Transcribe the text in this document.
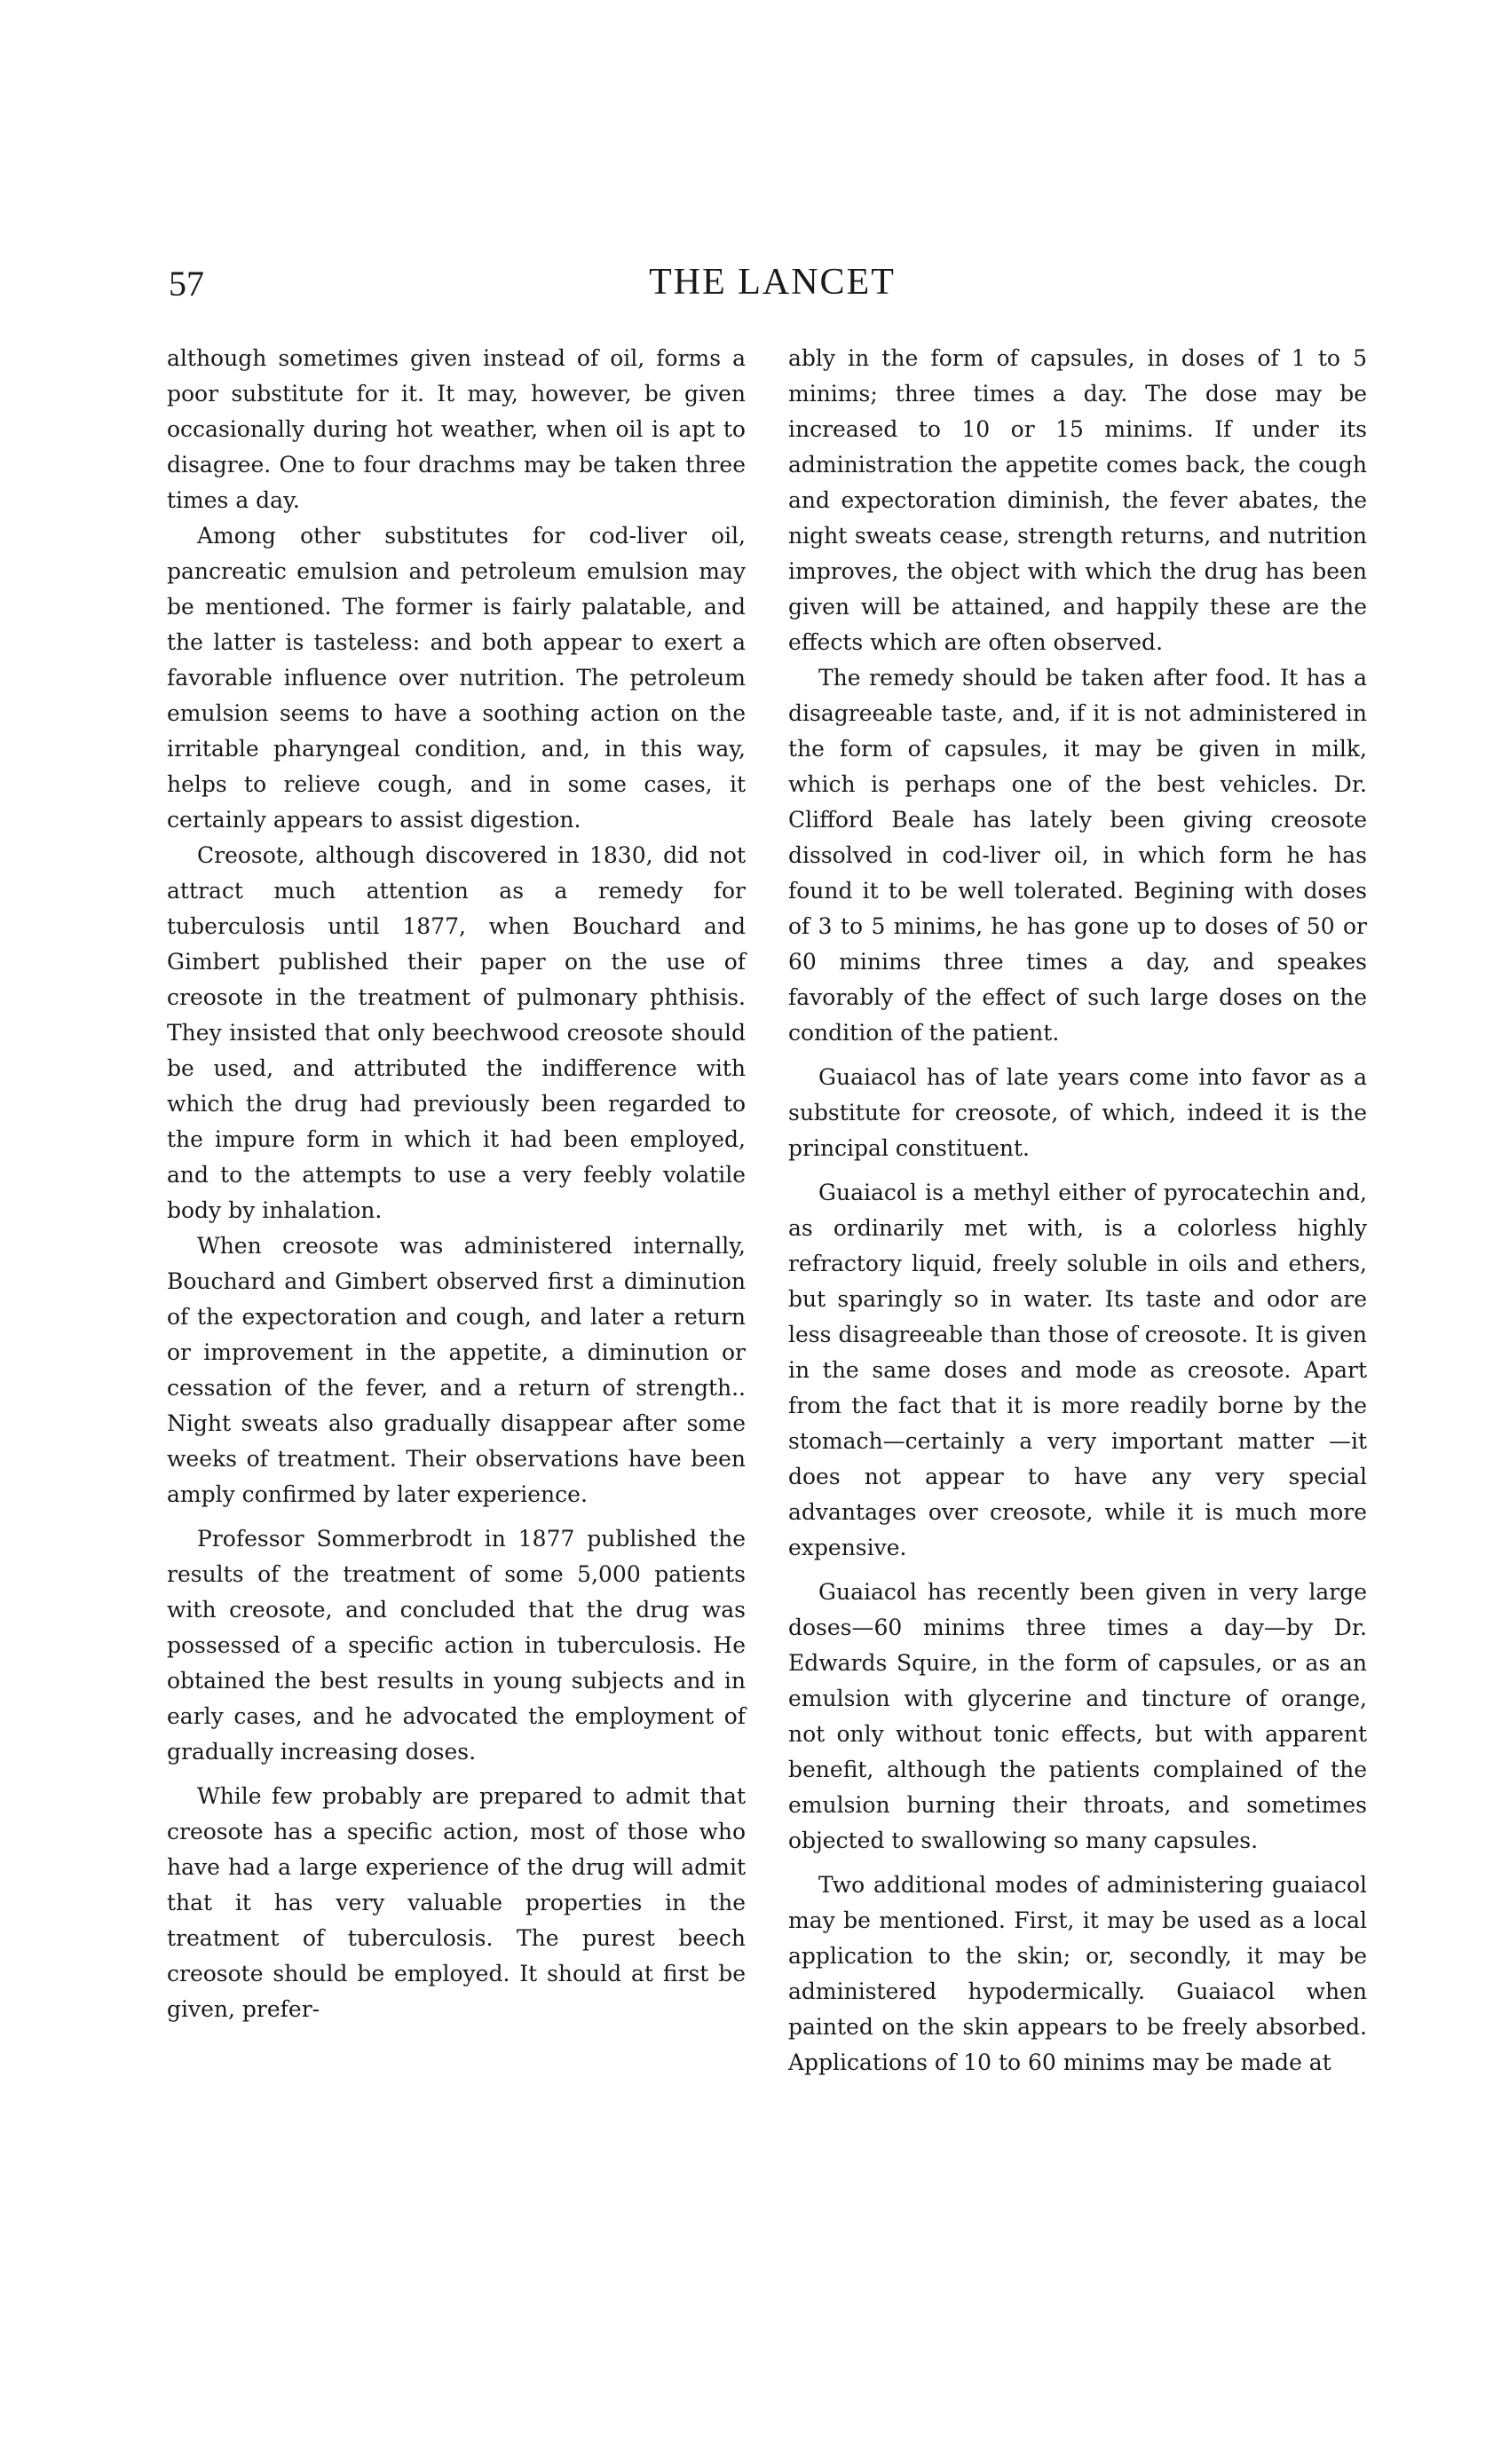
57	THE LANCET

although sometimes given instead of oil, forms a poor substitute for it. It may, however, be given occasionally during hot weather, when oil is apt to disagree. One to four drachms may be taken three times a day.

Among other substitutes for cod-liver oil, pancreatic emulsion and petroleum emulsion may be mentioned. The former is fairly palatable, and the latter is tasteless: and both appear to exert a favorable influence over nutrition. The petroleum emulsion seems to have a soothing action on the irritable pharyngeal condition, and, in this way, helps to relieve cough, and in some cases, it certainly appears to assist digestion.

Creosote, although discovered in 1830, did not attract much attention as a remedy for tuberculosis until 1877, when Bouchard and Gimbert published their paper on the use of creosote in the treatment of pulmonary phthisis. They insisted that only beechwood creosote should be used, and attributed the indifference with which the drug had previously been regarded to the impure form in which it had been employed, and to the attempts to use a very feebly volatile body by inhalation.

When creosote was administered internally, Bouchard and Gimbert observed first a diminution of the expectoration and cough, and later a return or improvement in the appetite, a diminution or cessation of the fever, and a return of strength.. Night sweats also gradually disappear after some weeks of treatment. Their observations have been amply confirmed by later experience.

Professor Sommerbrodt in 1877 published the results of the treatment of some 5,000 patients with creosote, and concluded that the drug was possessed of a specific action in tuberculosis. He obtained the best results in young subjects and in early cases, and he advocated the employment of gradually increasing doses.

While few probably are prepared to admit that creosote has a specific action, most of those who have had a large experience of the drug will admit that it has very valuable properties in the treatment of tuberculosis. The purest beech creosote should be employed. It should at first be given, prefer-

ably in the form of capsules, in doses of 1 to 5 minims; three times a day. The dose may be increased to 10 or 15 minims. If under its administration the appetite comes back, the cough and expectoration diminish, the fever abates, the night sweats cease, strength returns, and nutrition improves, the object with which the drug has been given will be attained, and happily these are the effects which are often observed.

The remedy should be taken after food. It has a disagreeable taste, and, if it is not administered in the form of capsules, it may be given in milk, which is perhaps one of the best vehicles. Dr. Clifford Beale has lately been giving creosote dissolved in cod-liver oil, in which form he has found it to be well tolerated. Begining with doses of 3 to 5 minims, he has gone up to doses of 50 or 60 minims three times a day, and speakes favorably of the effect of such large doses on the condition of the patient.

Guaiacol has of late years come into favor as a substitute for creosote, of which, indeed it is the principal constituent.

Guaiacol is a methyl either of pyrocatechin and, as ordinarily met with, is a colorless highly refractory liquid, freely soluble in oils and ethers, but sparingly so in water. Its taste and odor are less disagreeable than those of creosote. It is given in the same doses and mode as creosote. Apart from the fact that it is more readily borne by the stomach—certainly a very important matter —it does not appear to have any very special advantages over creosote, while it is much more expensive.

Guaiacol has recently been given in very large doses—60 minims three times a day—by Dr. Edwards Squire, in the form of capsules, or as an emulsion with glycerine and tincture of orange, not only without tonic effects, but with apparent benefit, although the patients complained of the emulsion burning their throats, and sometimes objected to swallowing so many capsules.

Two additional modes of administering guaiacol may be mentioned. First, it may be used as a local application to the skin; or, secondly, it may be administered hypodermically. Guaiacol when painted on the skin appears to be freely absorbed. Applications of 10 to 60 minims may be made at
